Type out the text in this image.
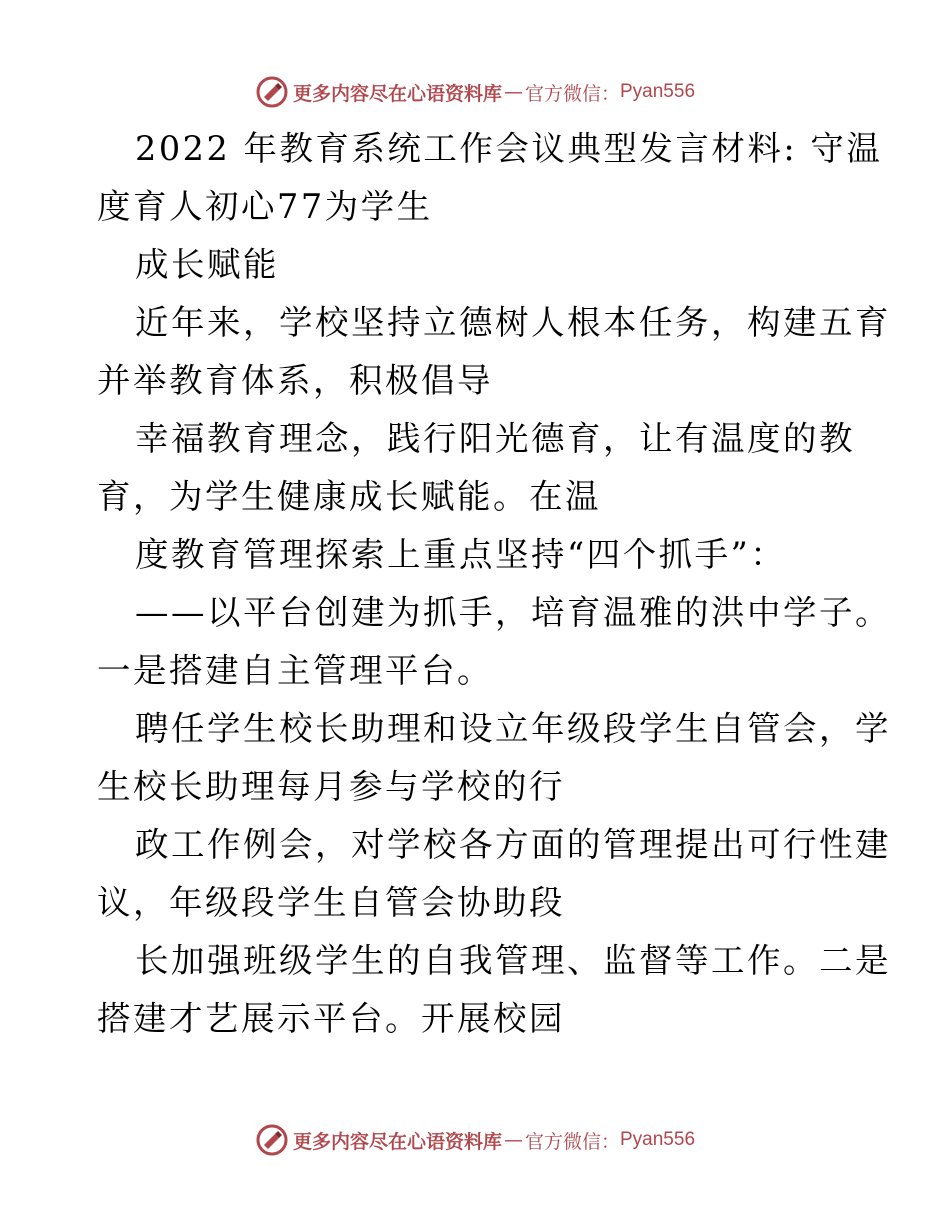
更多内容尽在心语资料库 — 官方微信： Pyan556
2022 年教育系统工作会议典型发言材料: 守温
度育人初心77为学生
成长赋能
近年来，学校坚持立德树人根本任务，构建五育
并举教育体系，积极倡导
幸福教育理念，践行阳光德育，让有温度的教
育，为学生健康成长赋能。在温
度教育管理探索上重点坚持“四个抓手”：
——以平台创建为抓手，培育温雅的洪中学子。
一是搭建自主管理平台。
聘任学生校长助理和设立年级段学生自管会，学
生校长助理每月参与学校的行
政工作例会，对学校各方面的管理提出可行性建
议，年级段学生自管会协助段
长加强班级学生的自我管理、监督等工作。二是
搭建才艺展示平台。开展校园
更多内容尽在心语资料库 — 官方微信： Pyan556
